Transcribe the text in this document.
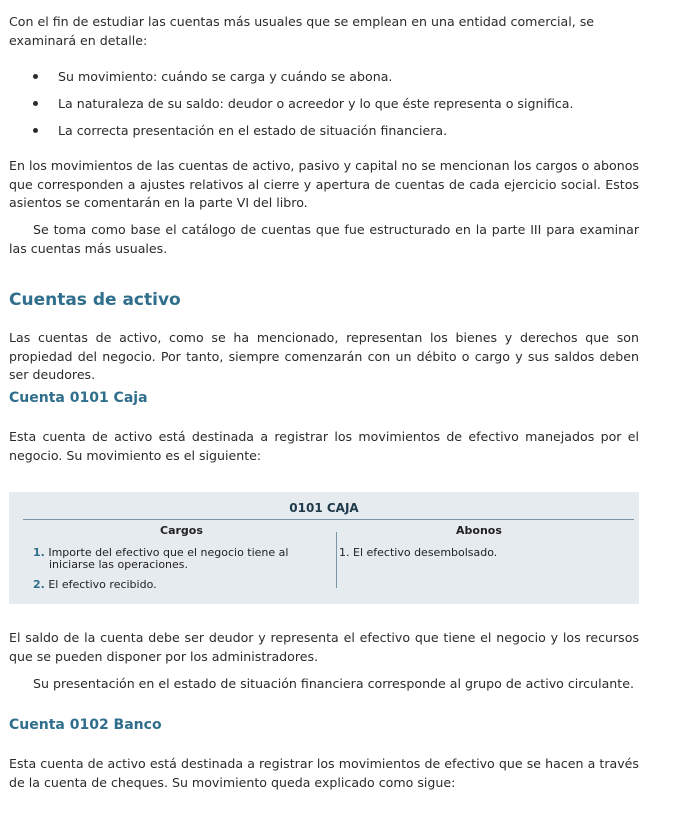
Con el fin de estudiar las cuentas más usuales que se emplean en una entidad comercial, se examinará en detalle:

Su movimiento: cuándo se carga y cuándo se abona.
La naturaleza de su saldo: deudor o acreedor y lo que éste representa o significa.
La correcta presentación en el estado de situación financiera.

En los movimientos de las cuentas de activo, pasivo y capital no se mencionan los cargos o abonos que corresponden a ajustes relativos al cierre y apertura de cuentas de cada ejercicio social. Estos asientos se comentarán en la parte VI del libro.

Se toma como base el catálogo de cuentas que fue estructurado en la parte III para examinar las cuentas más usuales.

Cuentas de activo

Las cuentas de activo, como se ha mencionado, representan los bienes y derechos que son propiedad del negocio. Por tanto, siempre comenzarán con un débito o cargo y sus saldos deben ser deudores.

Cuenta 0101 Caja

Esta cuenta de activo está destinada a registrar los movimientos de efectivo manejados por el negocio. Su movimiento es el siguiente:

0101 CAJA
Cargos	Abonos
1. Importe del efectivo que el negocio tiene al
iniciarse las operaciones.
2. El efectivo recibido.
1. El efectivo desembolsado.

El saldo de la cuenta debe ser deudor y representa el efectivo que tiene el negocio y los recursos que se pueden disponer por los administradores.

Su presentación en el estado de situación financiera corresponde al grupo de activo circulante.

Cuenta 0102 Banco

Esta cuenta de activo está destinada a registrar los movimientos de efectivo que se hacen a través de la cuenta de cheques. Su movimiento queda explicado como sigue:
